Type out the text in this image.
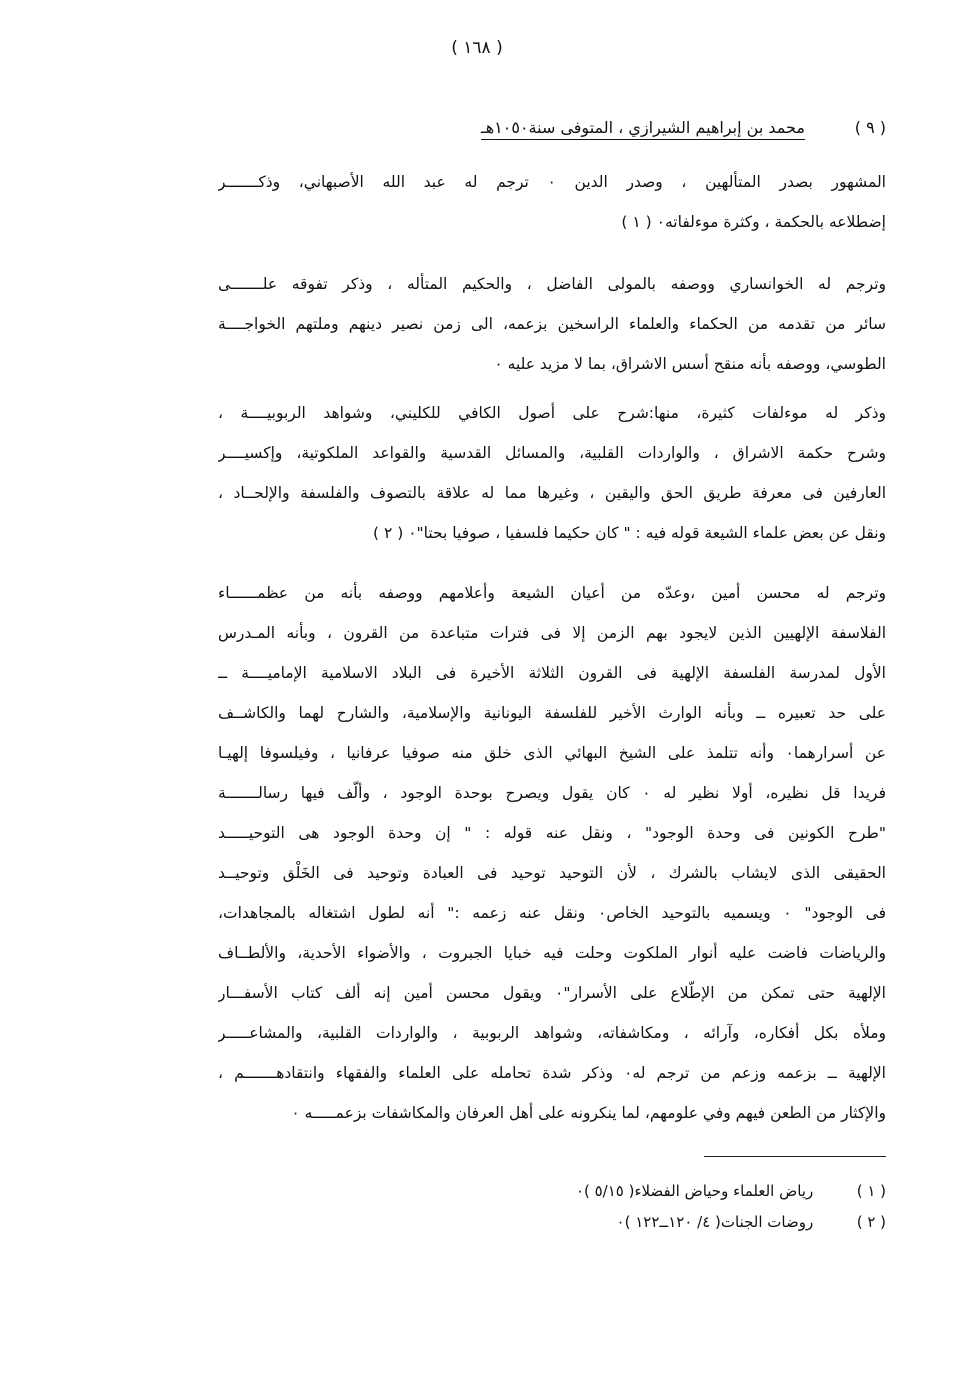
( ١٦٨ )
( ٩ ) محمد بن إبراهيم الشيرازي ، المتوفى سنة١٠٥٠هـ
المشهور بصدر المتألهين ، وصدر الدين ٠ ترجم له عبد الله الأصبهاني، وذكـــــــر
إضطلاعه بالحكمة ، وكثرة موءلفاته٠ ( ١ )
وترجم له الخوانساري ووصفه بالمولى الفاضل ، والحكيم المتأله ، وذكر تفوقه علـــــــى
سائر من تقدمه من الحكماء والعلماء الراسخين بزعمه، الى زمن نصير دينهم وملتهم الخواجــــة
الطوسي، ووصفه بأنه منقح أسس الاشراق، بما لا مزيد عليه ٠
وذكر له موءلفات كثيرة، منها:شرح على أصول الكافي للكليني، وشواهد الربوبيــــة ،
وشرح حكمة الاشراق ، والواردات القلبية، والمسائل القدسية والقواعد الملكوتية، وإكسيــــر
العارفين فى معرفة طريق الحق واليقين ، وغيرها مما له علاقة بالتصوف والفلسفة والإلحــاد ،
ونقل عن بعض علماء الشيعة قوله فيه : " كان حكيما فلسفيا ، صوفيا بحتا"٠ ( ٢ )
وترجم له محسن أمين ،وعدّه من أعيان الشيعة وأعلامهم ووصفه بأنه من عظمــــــاء
الفلاسفة الإلهيين الذين لايجود بهم الزمن إلا فى فترات متباعدة من القرون ، وبأنه المـدرس
الأول لمدرسة الفلسفة الإلهية فى القرون الثلاثة الأخيرة فى البلاد الاسلامية الإماميــــة ــ
على حد تعبيره ــ وبأنه الوارث الأخير للفلسفة اليونانية والإسلامية، والشارح لهما والكاشــف
عن أسرارهما٠ وأنه تتلمذ على الشيخ البهائي الذى خلق منه صوفيا عرفانيا ، وفيلسوفا إلهيـا
فريدا قل نظيره، أولا نظير له ٠ كان يقول ويصرح بوحدة الوجود ، وألّف فيها رسالـــــــة
"طرح الكونين فى وحدة الوجود" ، ونقل عنه قوله : " إن وحدة الوجود هى التوحيـــــد
الحقيقى الذى لايشاب بالشرك ، لأن التوحيد توحيد فى العبادة وتوحيد فى الخَلْق وتوحيــد
فى الوجود" ٠ ويسميه بالتوحيد الخاص٠ ونقل عنه زعمه :" أنه لطول اشتغاله بالمجاهدات،
والرياضات فاضت عليه أنوار الملكوت وحلت فيه خبايا الجبروت ، والأضواء الأحدية، والألطــاف
الإلهية حتى تمكن من الإطّلاع على الأسرار"٠ ويقول محسن أمين إنه ألف كتاب الأسفـــار
وملأه بكل أفكاره، وآرائه ، ومكاشفاته، وشواهد الربوبية ، والواردات القلبية، والمشاعـــــر
الإلهية ــ بزعمه وزعم من ترجم له٠ وذكر شدة تحامله على العلماء والفقهاء وانتقادهـــــــم ،
والإكثار من الطعن فيهم وفي علومهم، لما ينكرونه على أهل العرفان والمكاشفات بزعمـــــه ٠
( ١ ) رياض العلماء وحياض الفضلاء( ٥/١٥ )٠
( ٢ ) روضات الجنات( ٤/ ١٢٠ــ١٢٢ )٠
